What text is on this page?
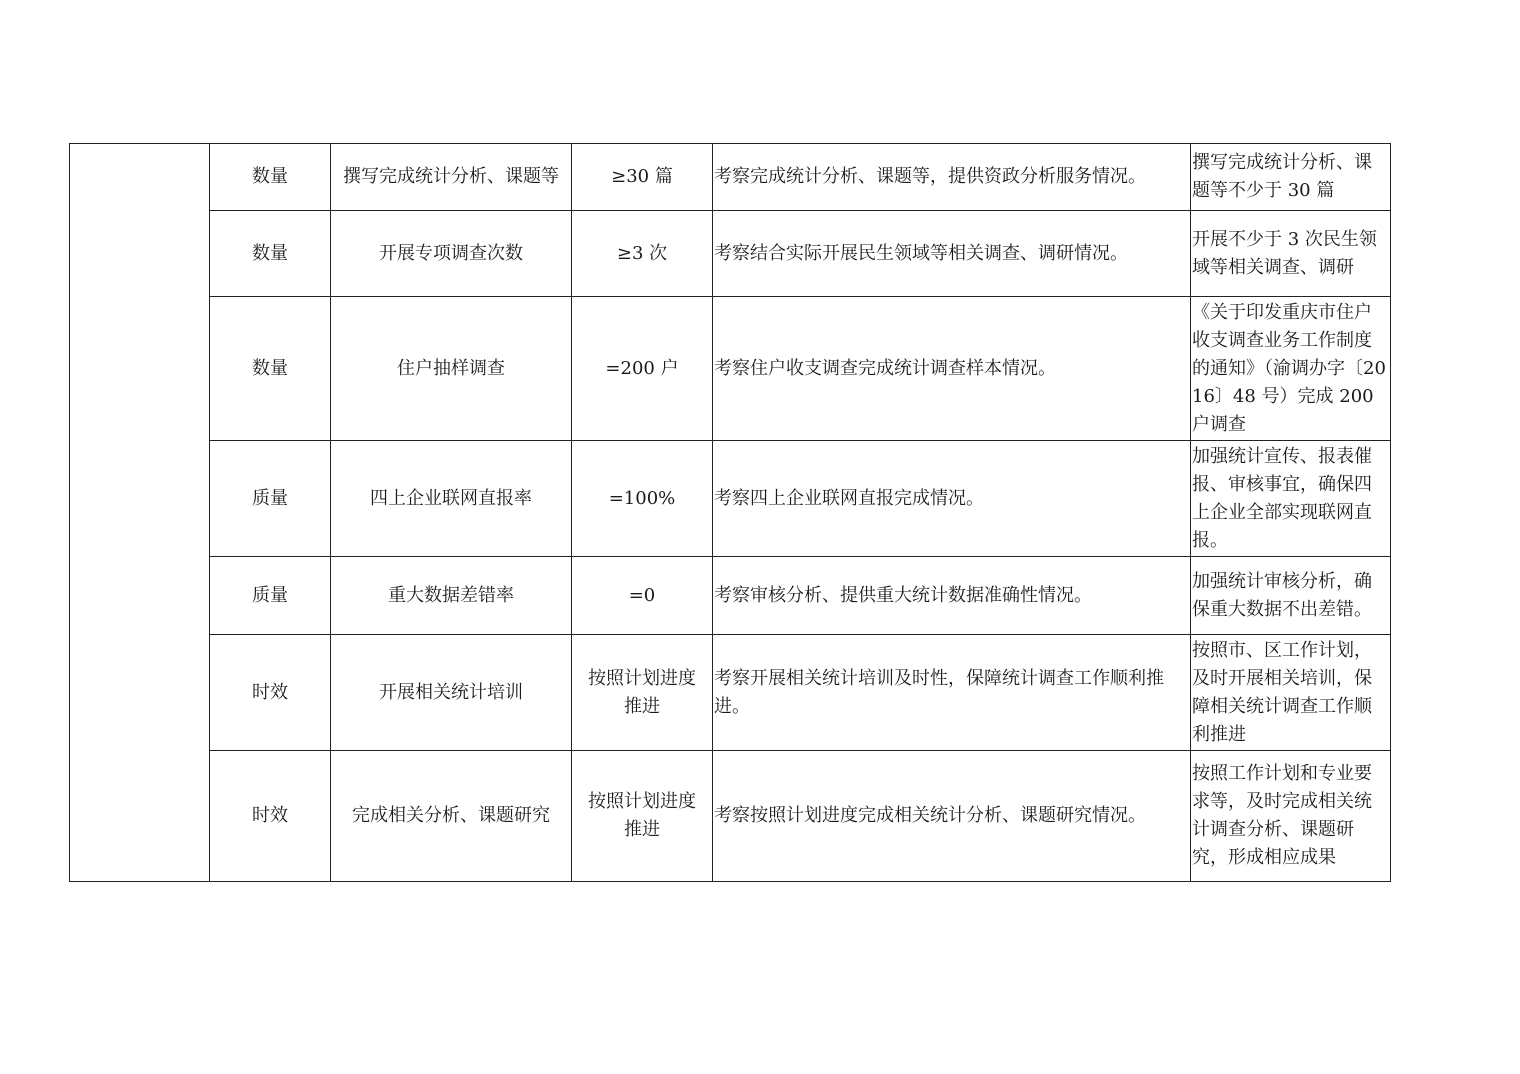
	数量	撰写完成统计分析、课题等	≥30 篇	考察完成统计分析、课题等，提供资政分析服务情况。	撰写完成统计分析、课题等不少于 30 篇
	数量	开展专项调查次数	≥3 次	考察结合实际开展民生领域等相关调查、调研情况。	开展不少于 3 次民生领域等相关调查、调研
	数量	住户抽样调查	=200 户	考察住户收支调查完成统计调查样本情况。	《关于印发重庆市住户收支调查业务工作制度的通知》（渝调办字〔2016〕48 号）完成 200 户调查
	质量	四上企业联网直报率	=100%	考察四上企业联网直报完成情况。	加强统计宣传、报表催报、审核事宜，确保四上企业全部实现联网直报。
	质量	重大数据差错率	=0	考察审核分析、提供重大统计数据准确性情况。	加强统计审核分析，确保重大数据不出差错。
	时效	开展相关统计培训	按照计划进度推进	考察开展相关统计培训及时性，保障统计调查工作顺利推进。	按照市、区工作计划，及时开展相关培训，保障相关统计调查工作顺利推进
	时效	完成相关分析、课题研究	按照计划进度推进	考察按照计划进度完成相关统计分析、课题研究情况。	按照工作计划和专业要求等，及时完成相关统计调查分析、课题研究，形成相应成果
